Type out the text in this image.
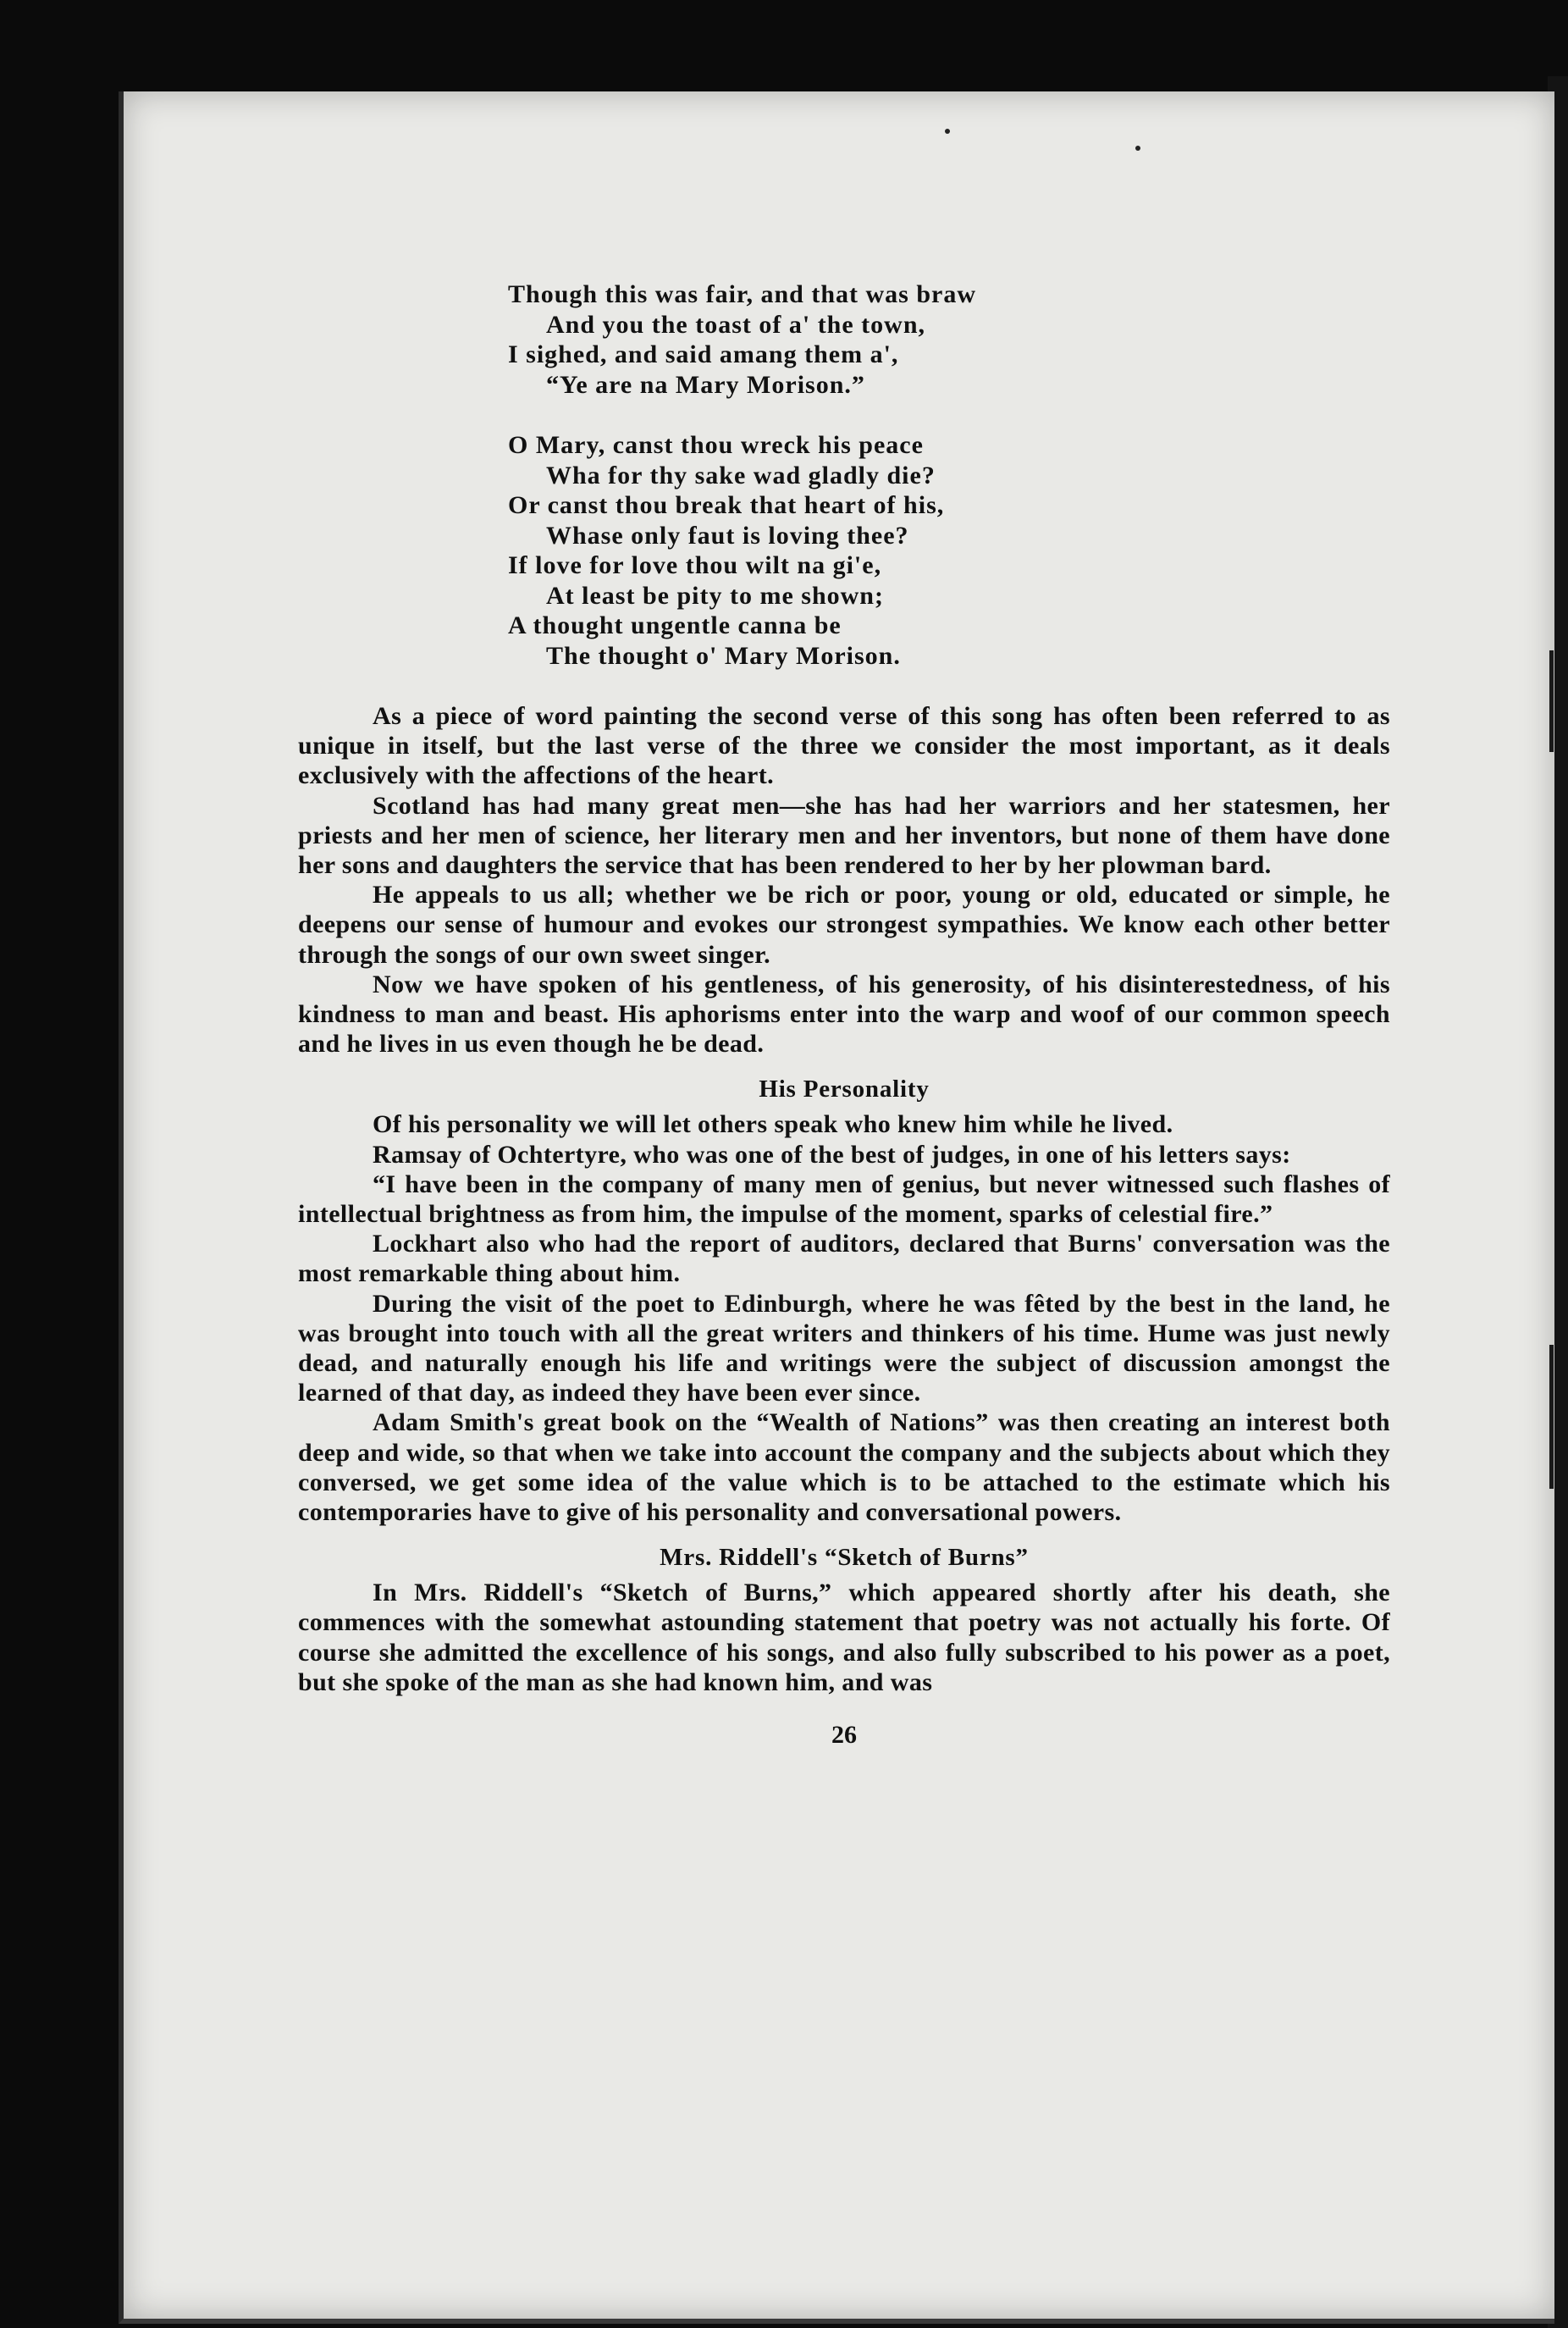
Though this was fair, and that was braw
And you the toast of a' the town,
I sighed, and said amang them a',
“Ye are na Mary Morison.”
O Mary, canst thou wreck his peace
Wha for thy sake wad gladly die?
Or canst thou break that heart of his,
Whase only faut is loving thee?
If love for love thou wilt na gi'e,
At least be pity to me shown;
A thought ungentle canna be
The thought o' Mary Morison.

As a piece of word painting the second verse of this song has often been referred to as unique in itself, but the last verse of the three we consider the most important, as it deals exclusively with the affections of the heart.

Scotland has had many great men—she has had her warriors and her statesmen, her priests and her men of science, her literary men and her inventors, but none of them have done her sons and daughters the service that has been rendered to her by her plowman bard.

He appeals to us all; whether we be rich or poor, young or old, educated or simple, he deepens our sense of humour and evokes our strongest sympathies. We know each other better through the songs of our own sweet singer.

Now we have spoken of his gentleness, of his generosity, of his disinterestedness, of his kindness to man and beast. His aphorisms enter into the warp and woof of our common speech and he lives in us even though he be dead.

His Personality

Of his personality we will let others speak who knew him while he lived.

Ramsay of Ochtertyre, who was one of the best of judges, in one of his letters says:

“I have been in the company of many men of genius, but never witnessed such flashes of intellectual brightness as from him, the impulse of the moment, sparks of celestial fire.”

Lockhart also who had the report of auditors, declared that Burns' conversation was the most remarkable thing about him.

During the visit of the poet to Edinburgh, where he was fêted by the best in the land, he was brought into touch with all the great writers and thinkers of his time. Hume was just newly dead, and naturally enough his life and writings were the subject of discussion amongst the learned of that day, as indeed they have been ever since.

Adam Smith's great book on the “Wealth of Nations” was then creating an interest both deep and wide, so that when we take into account the company and the subjects about which they conversed, we get some idea of the value which is to be attached to the estimate which his contemporaries have to give of his personality and conversational powers.

Mrs. Riddell's “Sketch of Burns”

In Mrs. Riddell's “Sketch of Burns,” which appeared shortly after his death, she commences with the somewhat astounding statement that poetry was not actually his forte. Of course she admitted the excellence of his songs, and also fully subscribed to his power as a poet, but she spoke of the man as she had known him, and was

26
